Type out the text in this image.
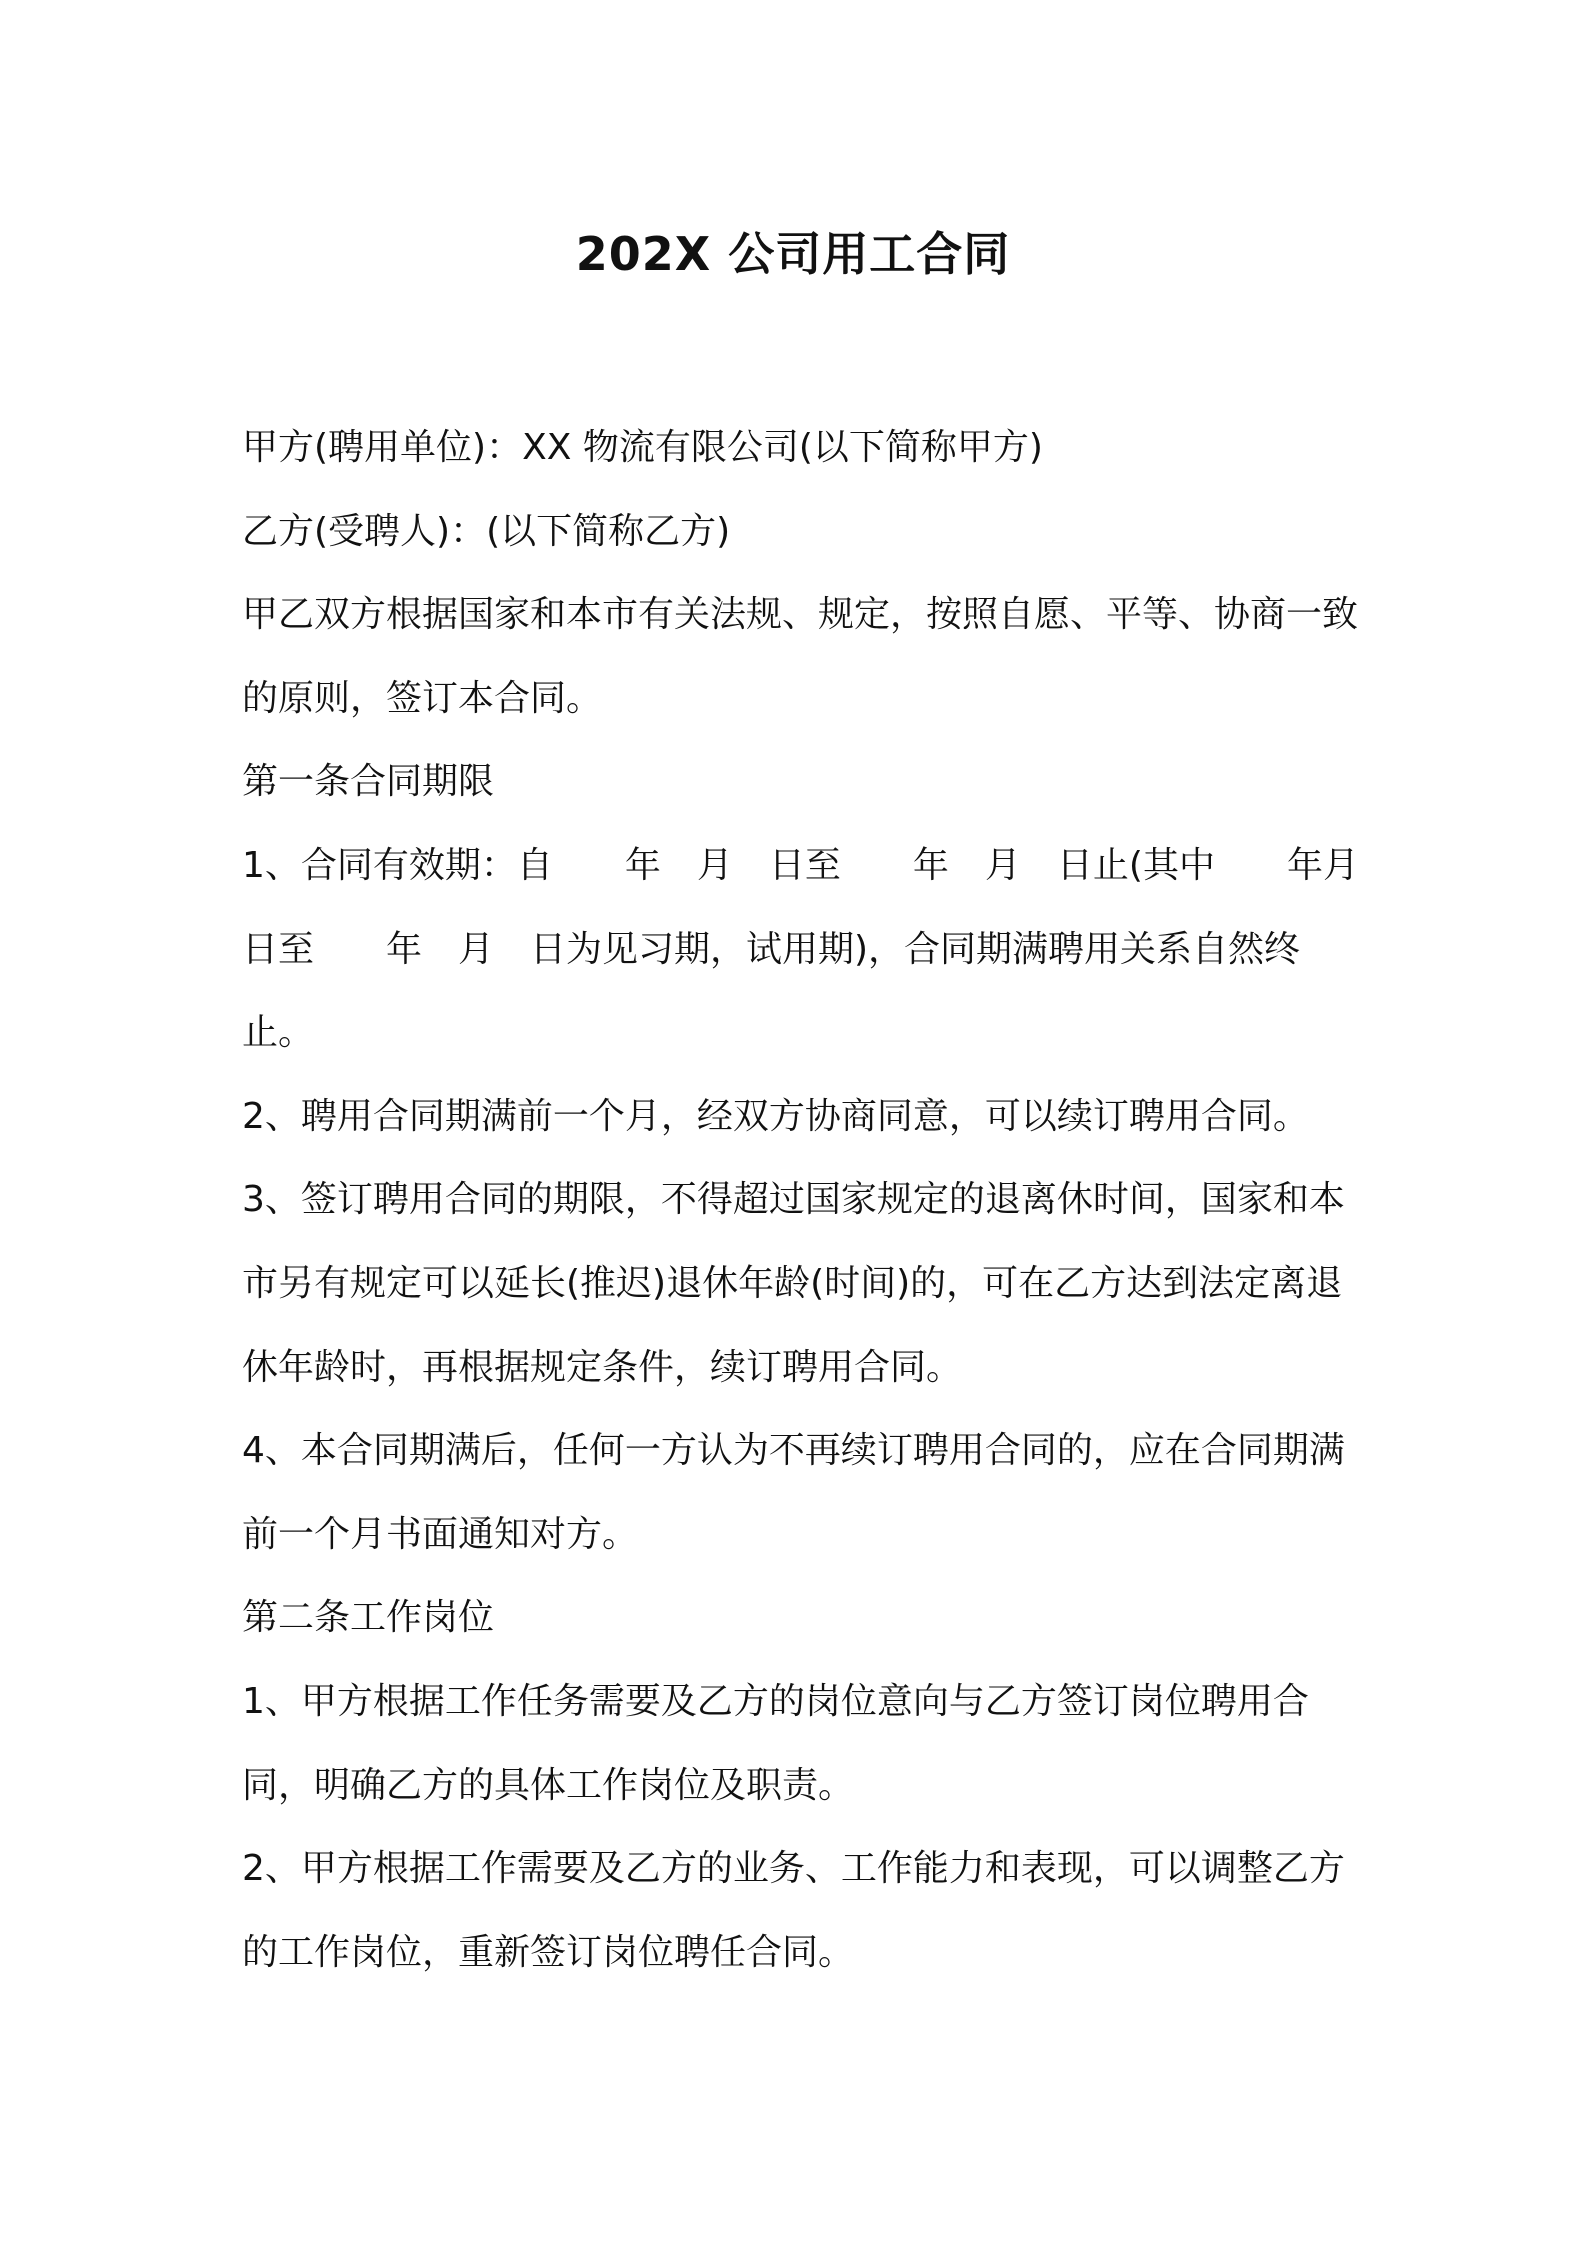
202X 公司用工合同

甲方(聘用单位)：XX 物流有限公司(以下简称甲方)

乙方(受聘人)：(以下简称乙方)

甲乙双方根据国家和本市有关法规、规定，按照自愿、平等、协商一致的原则，签订本合同。

第一条合同期限

1、合同有效期：自　　年　月　日至　　年　月　日止(其中　　年月　日至　　年　月　日为见习期，试用期)，合同期满聘用关系自然终止。

2、聘用合同期满前一个月，经双方协商同意，可以续订聘用合同。

3、签订聘用合同的期限，不得超过国家规定的退离休时间，国家和本市另有规定可以延长(推迟)退休年龄(时间)的，可在乙方达到法定离退休年龄时，再根据规定条件，续订聘用合同。

4、本合同期满后，任何一方认为不再续订聘用合同的，应在合同期满前一个月书面通知对方。

第二条工作岗位

1、甲方根据工作任务需要及乙方的岗位意向与乙方签订岗位聘用合同，明确乙方的具体工作岗位及职责。

2、甲方根据工作需要及乙方的业务、工作能力和表现，可以调整乙方的工作岗位，重新签订岗位聘任合同。
